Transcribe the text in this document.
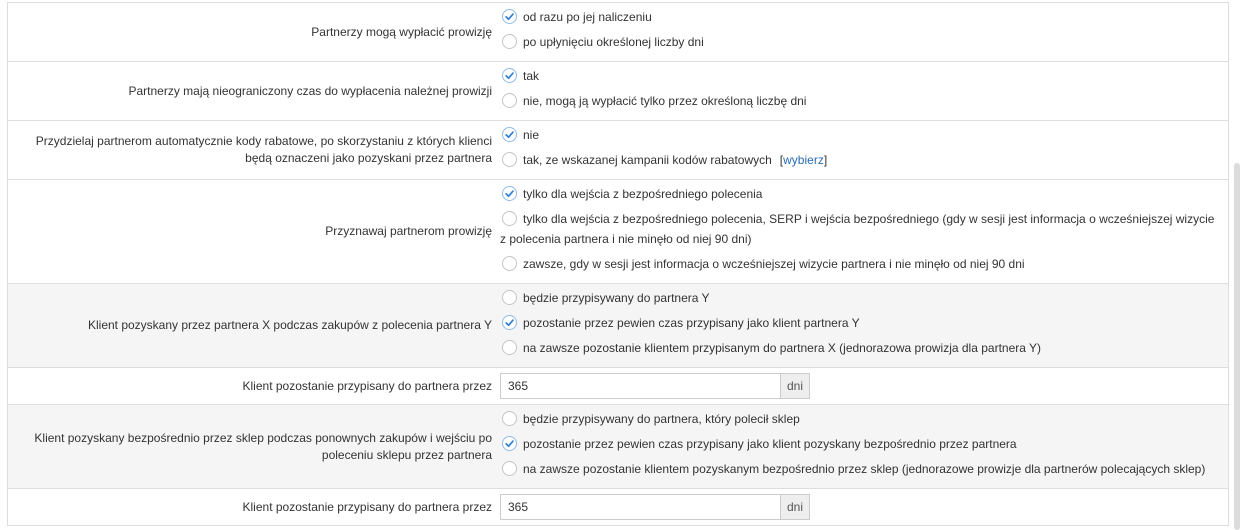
Partnerzy mogą wypłacić prowizję
od razu po jej naliczeniu
po upłynięciu określonej liczby dni
Partnerzy mają nieograniczony czas do wypłacenia należnej prowizji
tak
nie, mogą ją wypłacić tylko przez określoną liczbę dni
Przydzielaj partnerom automatycznie kody rabatowe, po skorzystaniu z których klienci
będą oznaczeni jako pozyskani przez partnera
nie
tak, ze wskazanej kampanii kodów rabatowych [wybierz]
Przyznawaj partnerom prowizję
tylko dla wejścia z bezpośredniego polecenia
tylko dla wejścia z bezpośredniego polecenia, SERP i wejścia bezpośredniego (gdy w sesji jest informacja o wcześniejszej wizycie
z polecenia partnera i nie minęło od niej 90 dni)
zawsze, gdy w sesji jest informacja o wcześniejszej wizycie partnera i nie minęło od niej 90 dni
Klient pozyskany przez partnera X podczas zakupów z polecenia partnera Y
będzie przypisywany do partnera Y
pozostanie przez pewien czas przypisany jako klient partnera Y
na zawsze pozostanie klientem przypisanym do partnera X (jednorazowa prowizja dla partnera Y)
Klient pozostanie przypisany do partnera przez
365	dni
Klient pozyskany bezpośrednio przez sklep podczas ponownych zakupów i wejściu po
poleceniu sklepu przez partnera
będzie przypisywany do partnera, który polecił sklep
pozostanie przez pewien czas przypisany jako klient pozyskany bezpośrednio przez partnera
na zawsze pozostanie klientem pozyskanym bezpośrednio przez sklep (jednorazowe prowizje dla partnerów polecających sklep)
Klient pozostanie przypisany do partnera przez
365	dni
